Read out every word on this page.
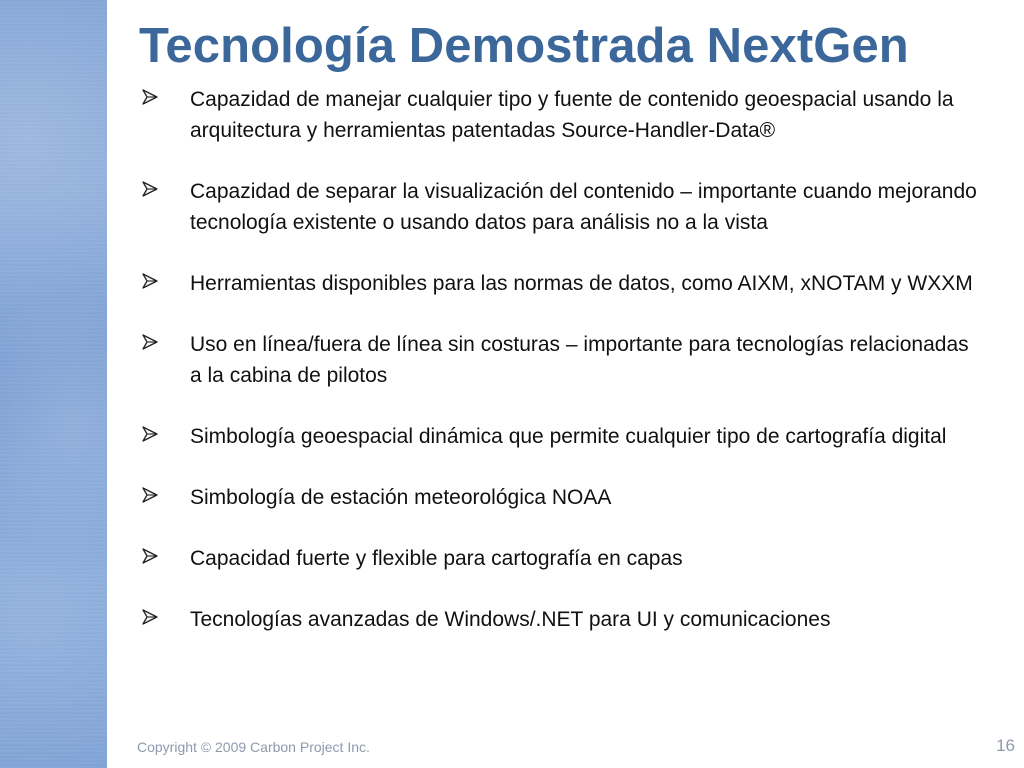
Tecnología Demostrada NextGen
Capazidad de manejar cualquier tipo y fuente de contenido geoespacial usando la arquitectura y herramientas patentadas Source-Handler-Data®
Capazidad de separar la visualización del contenido – importante cuando mejorando tecnología existente o usando datos para análisis no a la vista
Herramientas disponibles para las normas de datos, como AIXM, xNOTAM y WXXM
Uso en línea/fuera de línea sin costuras – importante para tecnologías relacionadas a la cabina de pilotos
Simbología geoespacial dinámica que permite cualquier tipo de cartografía digital
Simbología de estación meteorológica NOAA
Capacidad fuerte y flexible para cartografía en capas
Tecnologías avanzadas de Windows/.NET para UI y comunicaciones
Copyright © 2009 Carbon Project Inc.	16
